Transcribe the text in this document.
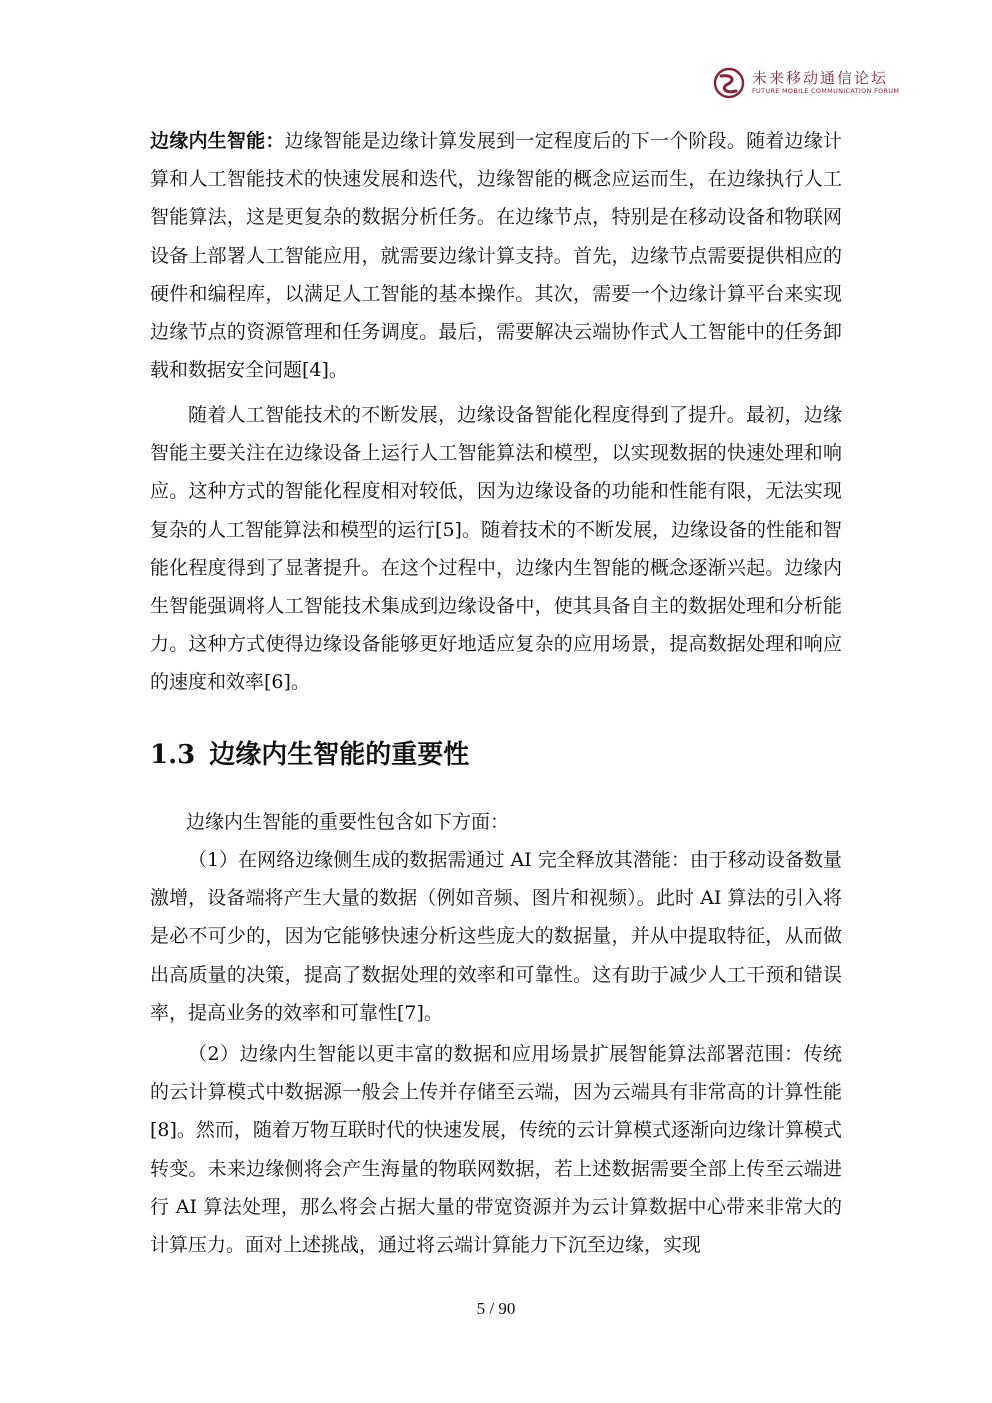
未来移动通信论坛
FUTURE MOBILE COMMUNICATION FORUM
边缘内生智能：边缘智能是边缘计算发展到一定程度后的下一个阶段。随着边缘计算和人工智能技术的快速发展和迭代，边缘智能的概念应运而生，在边缘执行人工智能算法，这是更复杂的数据分析任务。在边缘节点，特别是在移动设备和物联网设备上部署人工智能应用，就需要边缘计算支持。首先，边缘节点需要提供相应的硬件和编程库，以满足人工智能的基本操作。其次，需要一个边缘计算平台来实现边缘节点的资源管理和任务调度。最后，需要解决云端协作式人工智能中的任务卸载和数据安全问题[4]。
随着人工智能技术的不断发展，边缘设备智能化程度得到了提升。最初，边缘智能主要关注在边缘设备上运行人工智能算法和模型，以实现数据的快速处理和响应。这种方式的智能化程度相对较低，因为边缘设备的功能和性能有限，无法实现复杂的人工智能算法和模型的运行[5]。随着技术的不断发展，边缘设备的性能和智能化程度得到了显著提升。在这个过程中，边缘内生智能的概念逐渐兴起。边缘内生智能强调将人工智能技术集成到边缘设备中，使其具备自主的数据处理和分析能力。这种方式使得边缘设备能够更好地适应复杂的应用场景，提高数据处理和响应的速度和效率[6]。
1.3 边缘内生智能的重要性
边缘内生智能的重要性包含如下方面：
（1）在网络边缘侧生成的数据需通过 AI 完全释放其潜能：由于移动设备数量激增，设备端将产生大量的数据（例如音频、图片和视频）。此时 AI 算法的引入将是必不可少的，因为它能够快速分析这些庞大的数据量，并从中提取特征，从而做出高质量的决策，提高了数据处理的效率和可靠性。这有助于减少人工干预和错误率，提高业务的效率和可靠性[7]。
（2）边缘内生智能以更丰富的数据和应用场景扩展智能算法部署范围：传统的云计算模式中数据源一般会上传并存储至云端，因为云端具有非常高的计算性能[8]。然而，随着万物互联时代的快速发展，传统的云计算模式逐渐向边缘计算模式转变。未来边缘侧将会产生海量的物联网数据，若上述数据需要全部上传至云端进行 AI 算法处理，那么将会占据大量的带宽资源并为云计算数据中心带来非常大的计算压力。面对上述挑战，通过将云端计算能力下沉至边缘，实现
5 / 90
